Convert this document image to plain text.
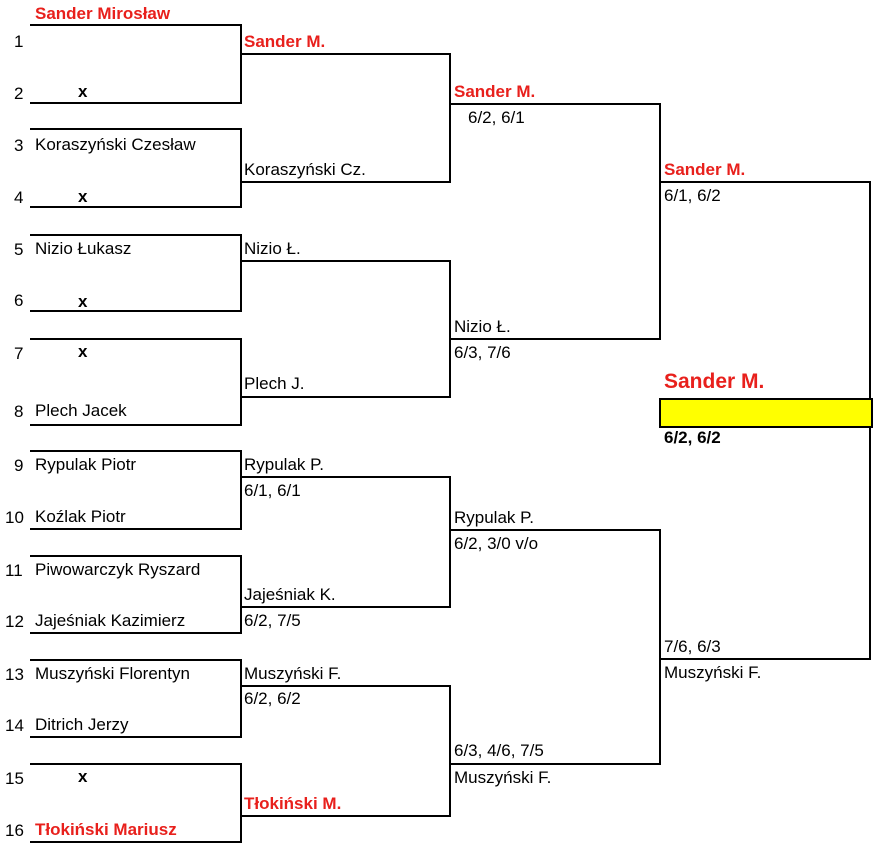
1
2
3
4
5
6
7
8
9
10
11
12
13
14
15
16
Sander Mirosław
x
Koraszyński Czesław
x
Nizio Łukasz
x
x
Plech Jacek
Rypulak Piotr
Koźlak Piotr
Piwowarczyk Ryszard
Jajeśniak Kazimierz
Muszyński Florentyn
Ditrich Jerzy
x
Tłokiński Mariusz
Sander M.
Koraszyński Cz.
Nizio Ł.
Plech J.
Rypulak P.
6/1, 6/1
Jajeśniak K.
6/2, 7/5
Muszyński F.
6/2, 6/2
Tłokiński M.
Sander M.
6/2, 6/1
Nizio Ł.
6/3, 7/6
Rypulak P.
6/2, 3/0 v/o
6/3, 4/6, 7/5
Muszyński F.
Sander M.
6/1, 6/2
7/6, 6/3
Muszyński F.
Sander M.
6/2, 6/2
